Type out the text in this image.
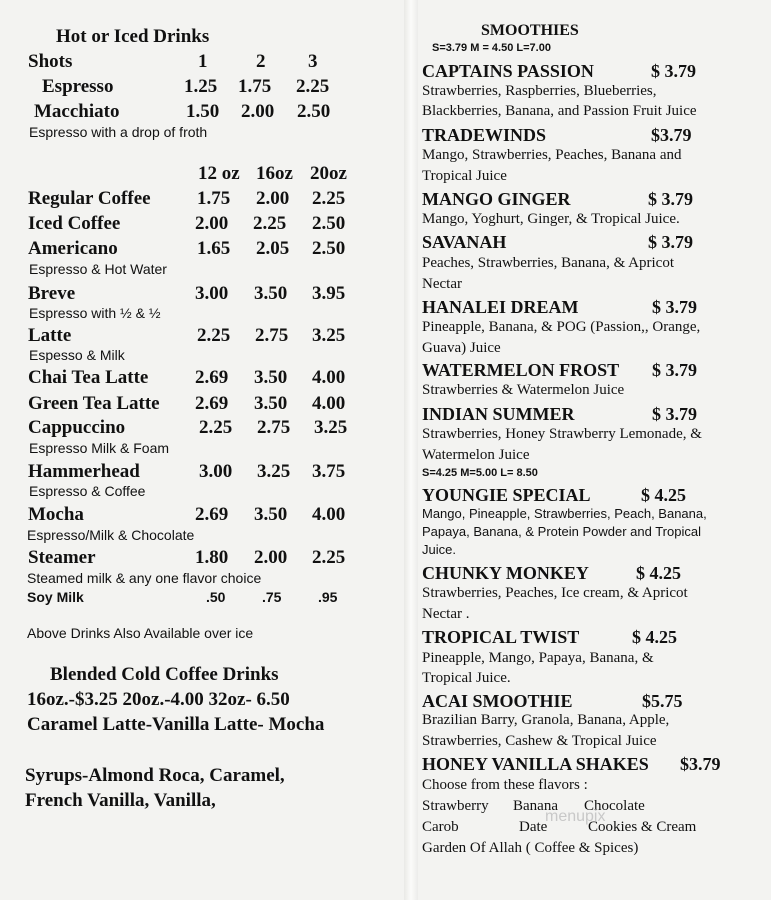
Hot or Iced Drinks
Shots	1	2 3
Espresso	1.25 1.75 2.25
Macchiato	1.50 2.00 2.50
Espresso with a drop of froth
12 oz 16oz 20oz
Regular Coffee 1.75 2.00 2.25
Iced Coffee	2.00 2.25 2.50
Americano	1.65 2.05 2.50
Espresso & Hot Water
Breve	3.00 3.50 3.95
Espresso with ½ & ½
Latte	2.25 2.75 3.25
Espesso & Milk
Chai Tea Latte 2.69 3.50 4.00
Green Tea Latte 2.69 3.50 4.00
Cappuccino	2.25 2.75 3.25
Espresso Milk & Foam
Hammerhead	3.00 3.25 3.75
Espresso & Coffee
Mocha	2.69 3.50 4.00
Espresso/Milk & Chocolate
Steamer	1.80 2.00 2.25
Steamed milk & any one flavor choice
Soy Milk	.50	.75	.95
Above Drinks Also Available over ice
Blended Cold Coffee Drinks
16oz.-$3.25 20oz.-4.00 32oz- 6.50
Caramel Latte-Vanilla Latte- Mocha
Syrups-Almond Roca, Caramel,
French Vanilla, Vanilla,
SMOOTHIES
S=3.79 M = 4.50 L=7.00
CAPTAINS PASSION	$ 3.79
Strawberries, Raspberries, Blueberries,
Blackberries, Banana, and Passion Fruit Juice
TRADEWINDS	$3.79
Mango, Strawberries, Peaches, Banana and
Tropical Juice
MANGO GINGER	$ 3.79
Mango, Yoghurt, Ginger, & Tropical Juice.
SAVANAH	$ 3.79
Peaches, Strawberries, Banana, & Apricot
Nectar
HANALEI DREAM	$ 3.79
Pineapple, Banana, & POG (Passion,, Orange,
Guava) Juice
WATERMELON FROST $ 3.79
Strawberries & Watermelon Juice
INDIAN SUMMER	$ 3.79
Strawberries, Honey Strawberry Lemonade, &
Watermelon Juice
S=4.25 M=5.00 L= 8.50
YOUNGIE SPECIAL	$ 4.25
Mango, Pineapple, Strawberries, Peach, Banana,
Papaya, Banana, & Protein Powder and Tropical
Juice.
CHUNKY MONKEY	$ 4.25
Strawberries, Peaches, Ice cream, & Apricot
Nectar .
TROPICAL TWIST	$ 4.25
Pineapple, Mango, Papaya, Banana, &
Tropical Juice.
ACAI SMOOTHIE	$5.75
Brazilian Barry, Granola, Banana, Apple,
Strawberries, Cashew & Tropical Juice
HONEY VANILLA SHAKES $3.79
Choose from these flavors :
Strawberry Banana Chocolate
Carob	Date	Cookies & Cream
Garden Of Allah ( Coffee & Spices)
menupix
